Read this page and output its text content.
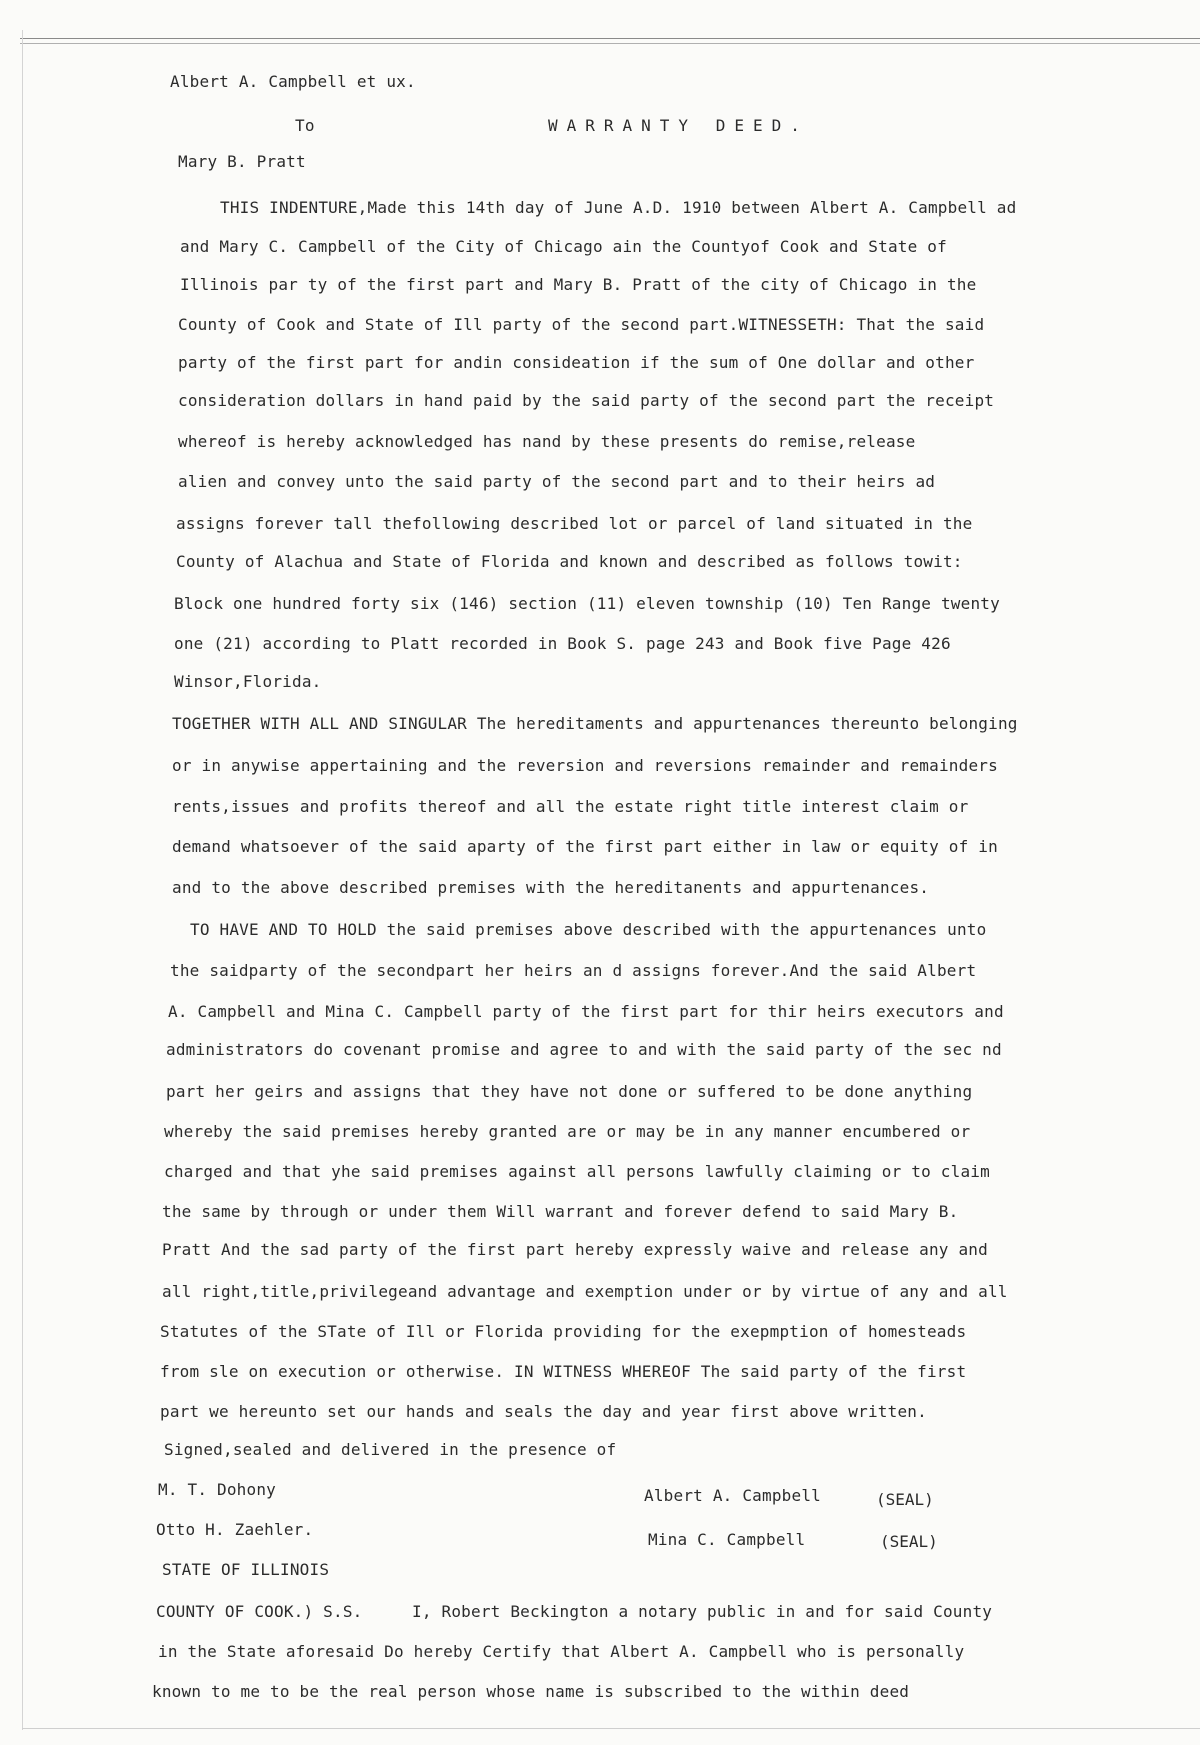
Albert A. Campbell et ux.
To	WARRANTY DEED.
Mary B. Pratt
THIS INDENTURE,Made this 14th day of June A.D. 1910 between Albert A. Campbell ad
and Mary C. Campbell of the City of Chicago ain the Countyof Cook and State of
Illinois par ty of the first part and Mary B. Pratt of the city of Chicago in the
County of Cook and State of Ill party of the second part.WITNESSETH: That the said
party of the first part for andin consideation if the sum of One dollar and other
consideration dollars in hand paid by the said party of the second part the receipt
whereof is hereby acknowledged has nand by these presents do remise,release
alien and convey unto the said party of the second part and to their heirs ad
assigns forever tall thefollowing described lot or parcel of land situated in the
County of Alachua and State of Florida and known and described as follows towit:
Block one hundred forty six (146) section (11) eleven township (10) Ten Range twenty
one (21) according to Platt recorded in Book S. page 243 and Book five Page 426
Winsor,Florida.
TOGETHER WITH ALL AND SINGULAR The hereditaments and appurtenances thereunto belonging
or in anywise appertaining and the reversion and reversions remainder and remainders
rents,issues and profits thereof and all the estate right title interest claim or
demand whatsoever of the said aparty of the first part either in law or equity of in
and to the above described premises with the hereditanents and appurtenances.
TO HAVE AND TO HOLD the said premises above described with the appurtenances unto
the saidparty of the secondpart her heirs an d assigns forever.And the said Albert
A. Campbell and Mina C. Campbell party of the first part for thir heirs executors and
administrators do covenant promise and agree to and with the said party of the sec nd
part her geirs and assigns that they have not done or suffered to be done anything
whereby the said premises hereby granted are or may be in any manner encumbered or
charged and that yhe said premises against all persons lawfully claiming or to claim
the same by through or under them Will warrant and forever defend to said Mary B.
Pratt And the sad party of the first part hereby expressly waive and release any and
all right,title,privilegeand advantage and exemption under or by virtue of any and all
Statutes of the STate of Ill or Florida providing for the exepmption of homesteads
from sle on execution or otherwise. IN WITNESS WHEREOF The said party of the first
part we hereunto set our hands and seals the day and year first above written.
Signed,sealed and delivered in the presence of
M. T. Dohony	Albert A. Campbell	(SEAL)
Otto H. Zaehler.
Mina C. Campbell	(SEAL)
STATE OF ILLINOIS
COUNTY OF COOK.) S.S.	I, Robert Beckington a notary public in and for said County
in the State aforesaid Do hereby Certify that Albert A. Campbell who is personally
known to me to be the real person whose name is subscribed to the within deed
